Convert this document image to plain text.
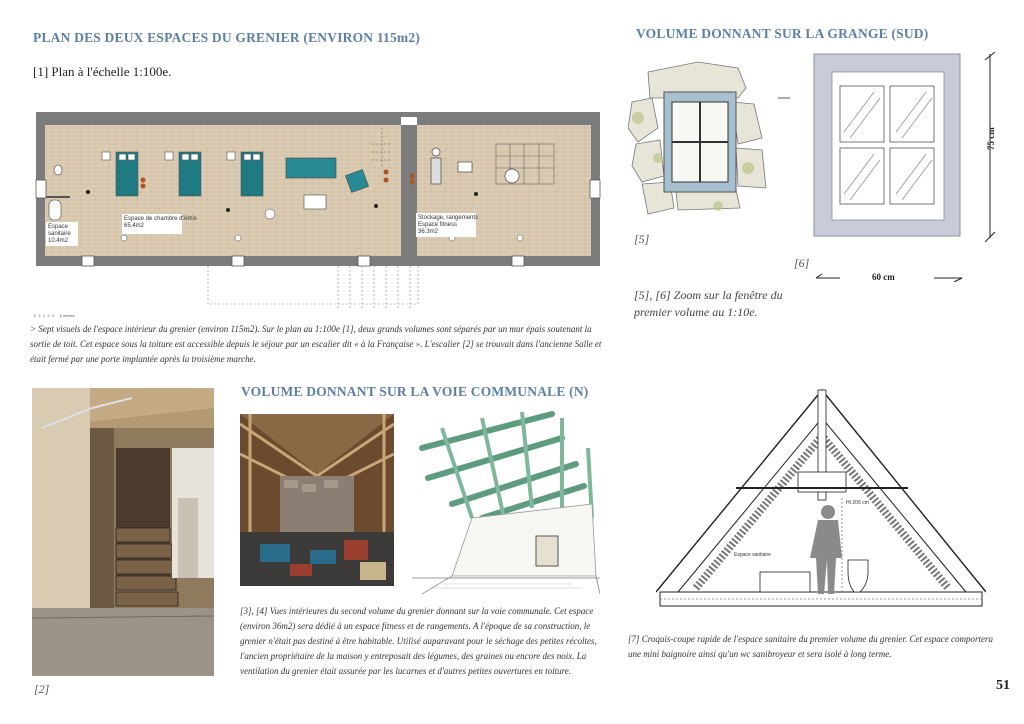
PLAN DES DEUX ESPACES DU GRENIER (ENVIRON 115m2)	VOLUME DONNANT SUR LA GRANGE (SUD)
VOLUME DONNANT SUR LA VOIE COMMUNALE (N)
[1] Plan à l'échelle 1:100e.
Espace de chambre d'Amis
65.4m2
Stockage, rangements
Espace fitness
36.3m2
Espace
sanitaire
10.4m2
0  1  2  3  4     5 mètres
> Sept visuels de l'espace intérieur du grenier (environ 115m2). Sur le plan au 1:100e [1], deux grands volumes sont séparés par un mur épais soutenant la sortie de toit. Cet espace sous la toiture est accessible depuis le séjour par un escalier dit « à la Française ». L'escalier [2] se trouvait dans l'ancienne Salle et était fermé par une porte implantée après la troisième marche.
[5]
75 cm
60 cm
[6]
[5], [6] Zoom sur la fenêtre du premier volume au 1:10e.
[2]
[3], [4] Vues intérieures du second volume du grenier donnant sur la voie communale. Cet espace (environ 36m2) sera dédié à un espace fitness et de rangements. A l'époque de sa construction, le grenier n'était pas destiné à être habitable. Utilisé auparavant pour le séchage des petites récoltes, l'ancien propriétaire de la maison y entreposait des légumes, des graines ou encore des noix. La ventilation du grenier était assurée par les lucarnes et d'autres petites ouvertures en toiture.
Ht 206 cm
Espace sanitaire
[7] Croquis-coupe rapide de l'espace sanitaire du premier volume du grenier. Cet espace comportera une mini baignoire ainsi qu'un wc sanibroyeur et sera isolé à long terme.
51
